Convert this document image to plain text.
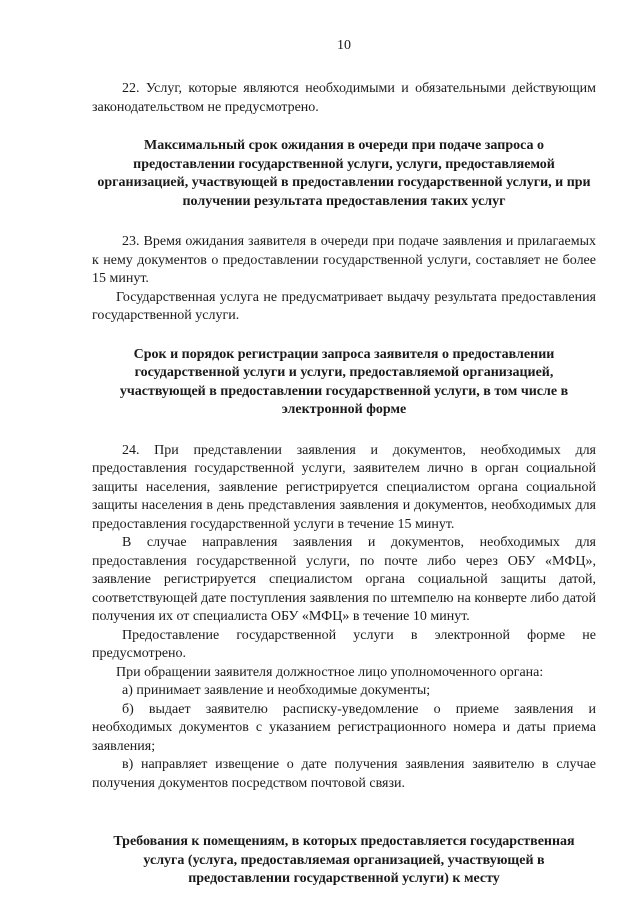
10

22. Услуг, которые являются необходимыми и обязательными действующим законодательством не предусмотрено.

Максимальный срок ожидания в очереди при подаче запроса о предоставлении государственной услуги, услуги, предоставляемой организацией, участвующей в предоставлении государственной услуги, и при получении результата предоставления таких услуг

23. Время ожидания заявителя в очереди при подаче заявления и прилагаемых к нему документов о предоставлении государственной услуги, составляет не более 15 минут.

Государственная услуга не предусматривает выдачу результата предоставления государственной услуги.

Срок и порядок регистрации запроса заявителя о предоставлении государственной услуги и услуги, предоставляемой организацией, участвующей в предоставлении государственной услуги, в том числе в электронной форме

24. При представлении заявления и документов, необходимых для предоставления государственной услуги, заявителем лично в орган социальной защиты населения, заявление регистрируется специалистом органа социальной защиты населения в день представления заявления и документов, необходимых для предоставления государственной услуги в течение 15 минут.

В случае направления заявления и документов, необходимых для предоставления государственной услуги, по почте либо через ОБУ «МФЦ», заявление регистрируется специалистом органа социальной защиты датой, соответствующей дате поступления заявления по штемпелю на конверте либо датой получения их от специалиста ОБУ «МФЦ» в течение 10 минут.

Предоставление государственной услуги в электронной форме не предусмотрено.

При обращении заявителя должностное лицо уполномоченного органа:

а) принимает заявление и необходимые документы;

б) выдает заявителю расписку-уведомление о приеме заявления и необходимых документов с указанием регистрационного номера и даты приема заявления;

в) направляет извещение о дате получения заявления заявителю в случае получения документов посредством почтовой связи.

Требования к помещениям, в которых предоставляется государственная услуга (услуга, предоставляемая организацией, участвующей в предоставлении государственной услуги) к месту
